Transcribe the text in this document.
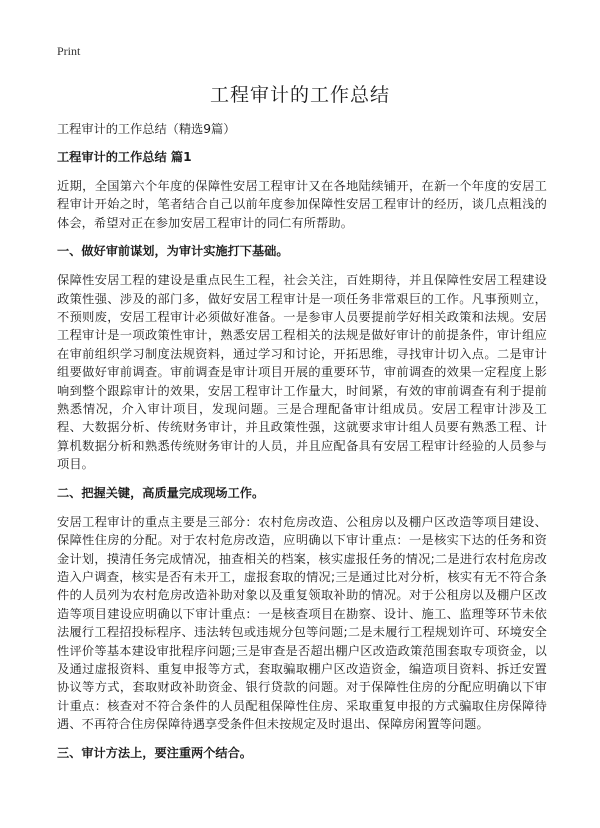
Print
工程审计的工作总结

工程审计的工作总结（精选9篇）

工程审计的工作总结 篇1

近期，全国第六个年度的保障性安居工程审计又在各地陆续铺开，在新一个年度的安居工程审计开始之时，笔者结合自己以前年度参加保障性安居工程审计的经历，谈几点粗浅的体会，希望对正在参加安居工程审计的同仁有所帮助。

一、做好审前谋划，为审计实施打下基础。

保障性安居工程的建设是重点民生工程，社会关注，百姓期待，并且保障性安居工程建设政策性强、涉及的部门多，做好安居工程审计是一项任务非常艰巨的工作。凡事预则立，不预则废，安居工程审计必须做好准备。一是参审人员要提前学好相关政策和法规。安居工程审计是一项政策性审计，熟悉安居工程相关的法规是做好审计的前提条件，审计组应在审前组织学习制度法规资料，通过学习和讨论，开拓思维，寻找审计切入点。二是审计组要做好审前调查。审前调查是审计项目开展的重要环节，审前调查的效果一定程度上影响到整个跟踪审计的效果，安居工程审计工作量大，时间紧，有效的审前调查有利于提前熟悉情况，介入审计项目，发现问题。三是合理配备审计组成员。安居工程审计涉及工程、大数据分析、传统财务审计，并且政策性强，这就要求审计组人员要有熟悉工程、计算机数据分析和熟悉传统财务审计的人员，并且应配备具有安居工程审计经验的人员参与项目。

二、把握关键，高质量完成现场工作。

安居工程审计的重点主要是三部分：农村危房改造、公租房以及棚户区改造等项目建设、保障性住房的分配。对于农村危房改造，应明确以下审计重点：一是核实下达的任务和资金计划，摸清任务完成情况，抽查相关的档案，核实虚报任务的情况;二是进行农村危房改造入户调查，核实是否有未开工，虚报套取的情况;三是通过比对分析，核实有无不符合条件的人员列为农村危房改造补助对象以及重复领取补助的情况。对于公租房以及棚户区改造等项目建设应明确以下审计重点：一是核查项目在勘察、设计、施工、监理等环节未依法履行工程招投标程序、违法转包或违规分包等问题;二是未履行工程规划许可、环境安全性评价等基本建设审批程序问题;三是审查是否超出棚户区改造政策范围套取专项资金，以及通过虚报资料、重复申报等方式，套取骗取棚户区改造资金，编造项目资料、拆迁安置协议等方式，套取财政补助资金、银行贷款的问题。对于保障性住房的分配应明确以下审计重点：核查对不符合条件的人员配租保障性住房、采取重复申报的方式骗取住房保障待遇、不再符合住房保障待遇享受条件但未按规定及时退出、保障房闲置等问题。

三、审计方法上，要注重两个结合。
